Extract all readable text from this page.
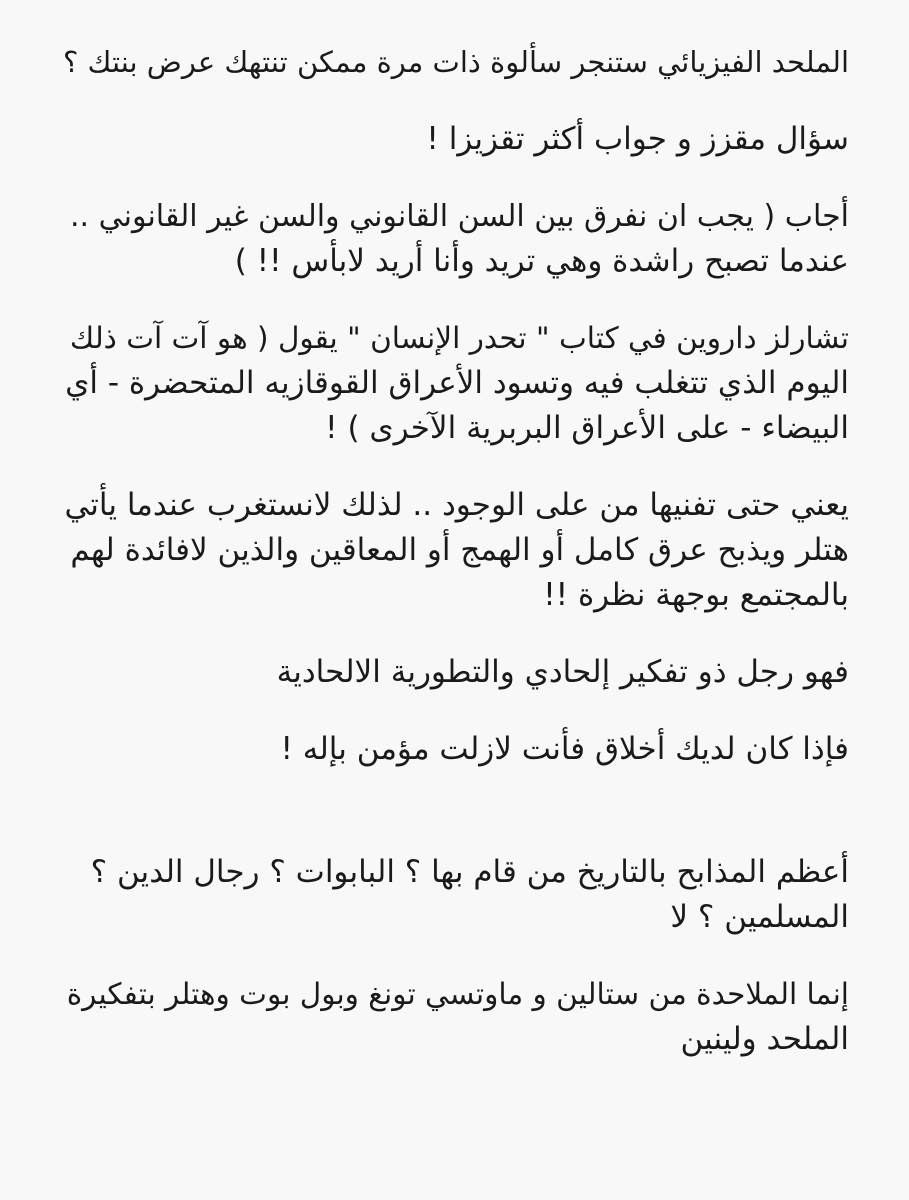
الملحد الفيزيائي ستنجر سألوة ذات مرة ممكن تنتهك عرض بنتك ؟

سؤال مقزز و جواب أكثر تقزيزا !

أجاب ( يجب ان نفرق بين السن القانوني والسن غير القانوني ..
عندما تصبح راشدة وهي تريد وأنا أريد لابأس !! )

تشارلز داروين في كتاب " تحدر الإنسان " يقول ( هو آت آت ذلك
اليوم الذي تتغلب فيه وتسود الأعراق القوقازيه المتحضرة - أي
البيضاء - على الأعراق البربرية الآخرى ) !

يعني حتى تفنيها من على الوجود .. لذلك لانستغرب عندما يأتي
هتلر ويذبح عرق كامل أو الهمج أو المعاقين والذين لافائدة لهم
بالمجتمع بوجهة نظرة !!

فهو رجل ذو تفكير إلحادي والتطورية الالحادية

فإذا كان لديك أخلاق فأنت لازلت مؤمن بإله !

أعظم المذابح بالتاريخ من قام بها ؟ البابوات ؟ رجال الدين ؟
المسلمين ؟ لا

إنما الملاحدة من ستالين و ماوتسي تونغ وبول بوت وهتلر بتفكيرة
الملحد ولينين
